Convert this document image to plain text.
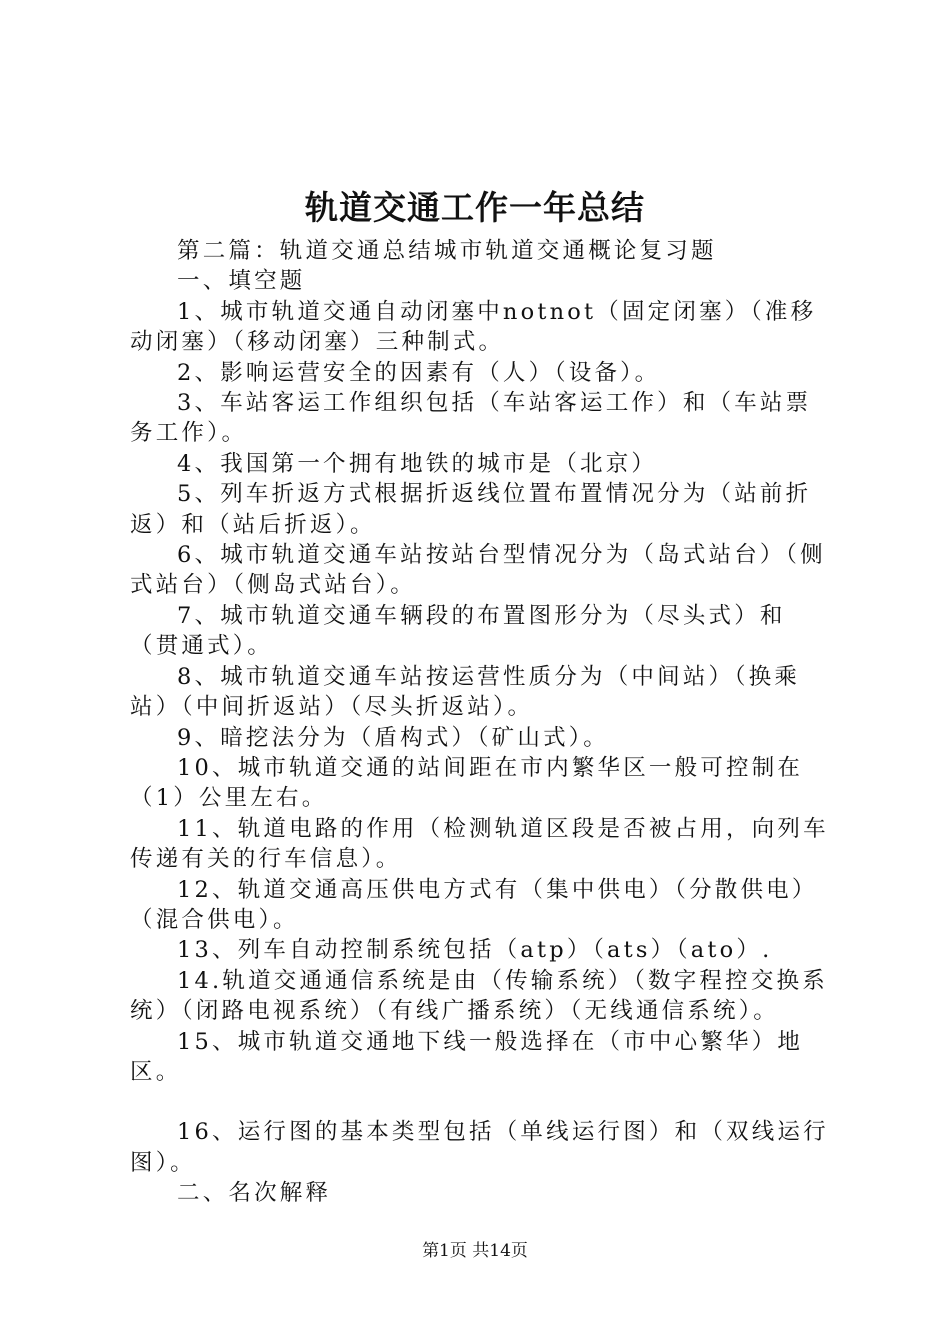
轨道交通工作一年总结

第二篇：轨道交通总结城市轨道交通概论复习题

一、填空题

1、城市轨道交通自动闭塞中notnot（固定闭塞）（准移动闭塞）（移动闭塞）三种制式。

2、影响运营安全的因素有（人）（设备）。

3、车站客运工作组织包括（车站客运工作）和（车站票务工作）。

4、我国第一个拥有地铁的城市是（北京）

5、列车折返方式根据折返线位置布置情况分为（站前折返）和（站后折返）。

6、城市轨道交通车站按站台型情况分为（岛式站台）（侧式站台）（侧岛式站台）。

7、城市轨道交通车辆段的布置图形分为（尽头式）和（贯通式）。

8、城市轨道交通车站按运营性质分为（中间站）（换乘站）（中间折返站）（尽头折返站）。

9、暗挖法分为（盾构式）（矿山式）。

10、城市轨道交通的站间距在市内繁华区一般可控制在（1）公里左右。

11、轨道电路的作用（检测轨道区段是否被占用，向列车传递有关的行车信息）。

12、轨道交通高压供电方式有（集中供电）（分散供电）（混合供电）。

13、列车自动控制系统包括（atp）（ats）（ato）.

14.轨道交通通信系统是由（传输系统）（数字程控交换系统）（闭路电视系统）（有线广播系统）（无线通信系统）。

15、城市轨道交通地下线一般选择在（市中心繁华）地区。

16、运行图的基本类型包括（单线运行图）和（双线运行图）。

二、名次解释

第1页 共14页
